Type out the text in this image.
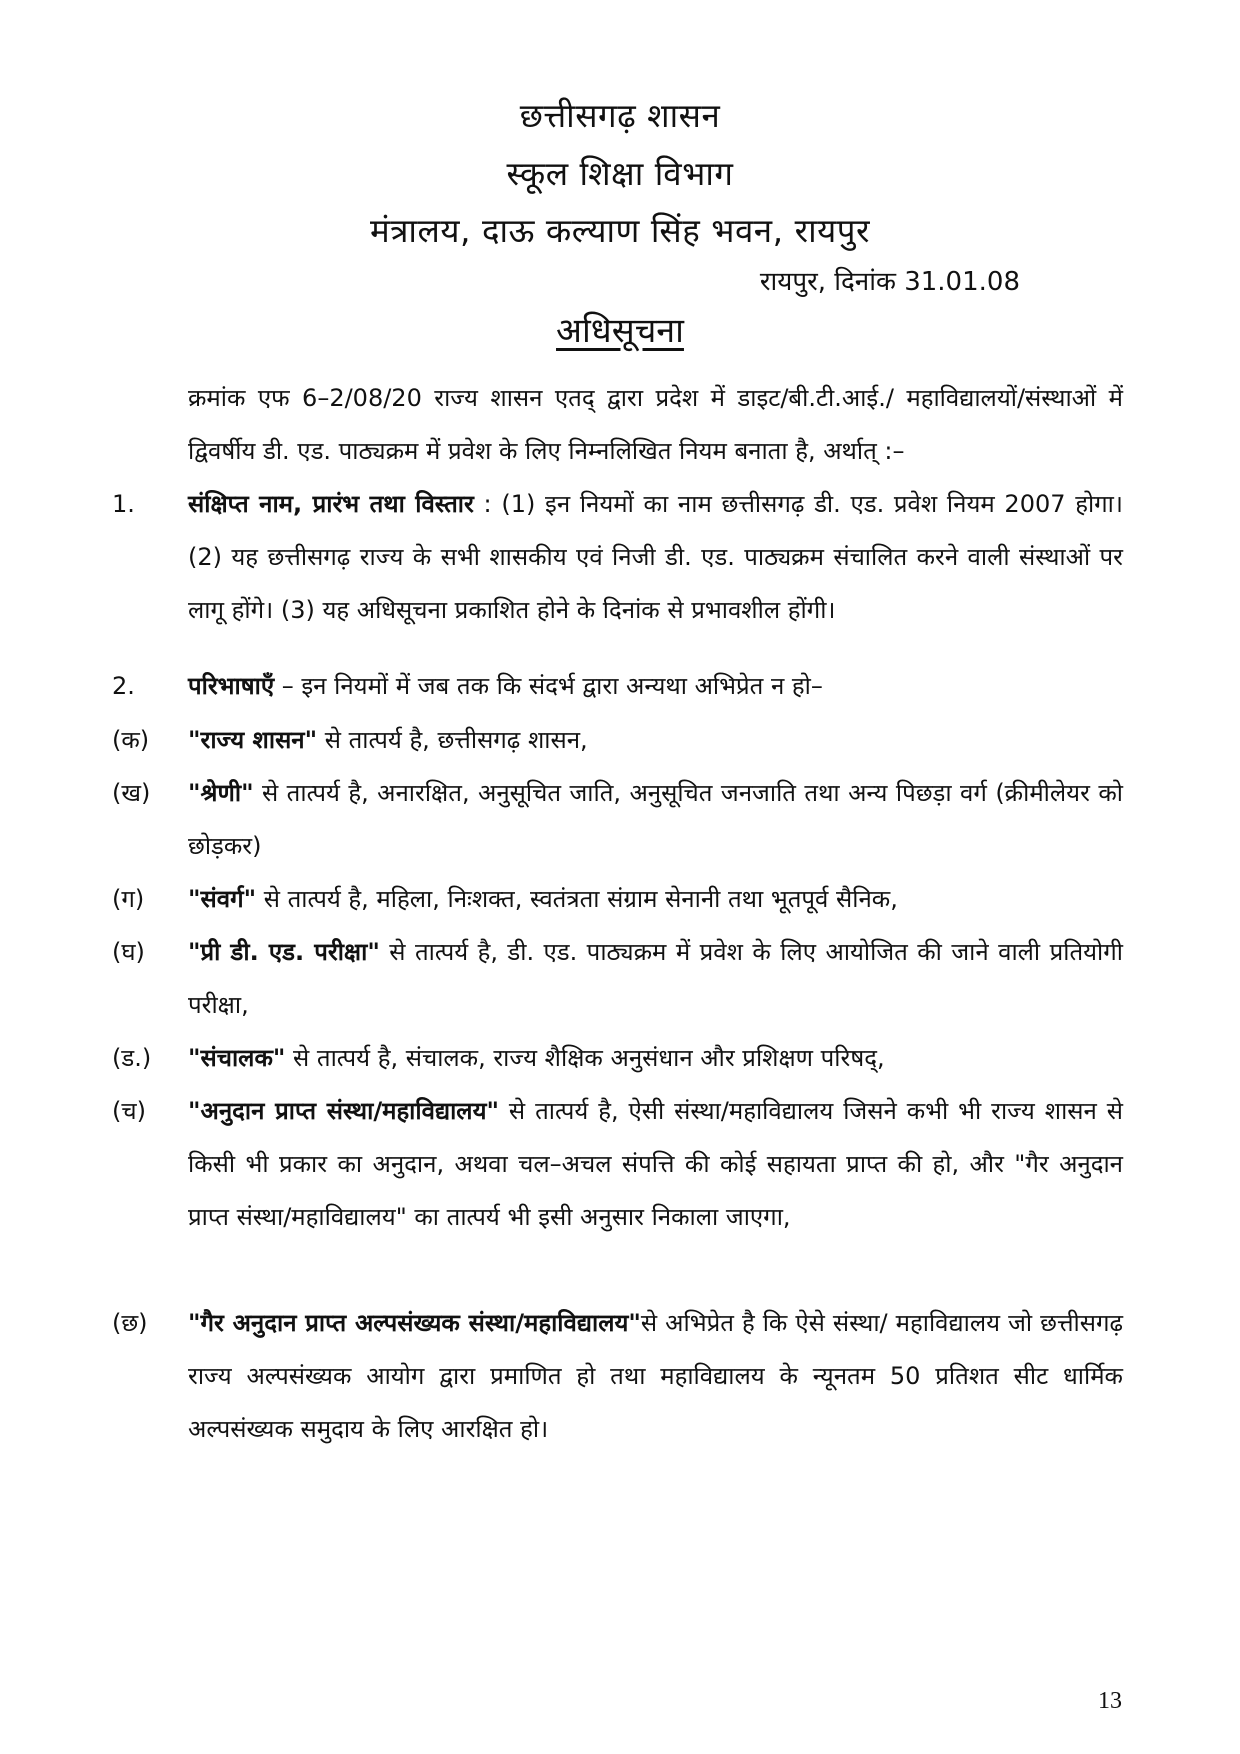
छत्तीसगढ़ शासन
स्कूल शिक्षा विभाग
मंत्रालय, दाऊ कल्याण सिंह भवन, रायपुर
रायपुर, दिनांक 31.01.08
अधिसूचना
क्रमांक एफ 6–2/08/20 राज्य शासन एतद् द्वारा प्रदेश में डाइट/बी.टी.आई./ महाविद्यालयों/संस्थाओं में द्विवर्षीय डी. एड. पाठ्यक्रम में प्रवेश के लिए निम्नलिखित नियम बनाता है, अर्थात् :–
1.	संक्षिप्त नाम, प्रारंभ तथा विस्तार : (1) इन नियमों का नाम छत्तीसगढ़ डी. एड. प्रवेश नियम 2007 होगा। (2) यह छत्तीसगढ़ राज्य के सभी शासकीय एवं निजी डी. एड. पाठ्यक्रम संचालित करने वाली संस्थाओं पर लागू होंगे। (3) यह अधिसूचना प्रकाशित होने के दिनांक से प्रभावशील होंगी।
2.	परिभाषाएँ – इन नियमों में जब तक कि संदर्भ द्वारा अन्यथा अभिप्रेत न हो–
(क)	"राज्य शासन" से तात्पर्य है, छत्तीसगढ़ शासन,
(ख)	"श्रेणी" से तात्पर्य है, अनारक्षित, अनुसूचित जाति, अनुसूचित जनजाति तथा अन्य पिछड़ा वर्ग (क्रीमीलेयर को छोड़कर)
(ग)	"संवर्ग" से तात्पर्य है, महिला, निःशक्त, स्वतंत्रता संग्राम सेनानी तथा भूतपूर्व सैनिक,
(घ)	"प्री डी. एड. परीक्षा" से तात्पर्य है, डी. एड. पाठ्यक्रम में प्रवेश के लिए आयोजित की जाने वाली प्रतियोगी परीक्षा,
(ड.)	"संचालक" से तात्पर्य है, संचालक, राज्य शैक्षिक अनुसंधान और प्रशिक्षण परिषद्,
(च)	"अनुदान प्राप्त संस्था/महाविद्यालय" से तात्पर्य है, ऐसी संस्था/महाविद्यालय जिसने कभी भी राज्य शासन से किसी भी प्रकार का अनुदान, अथवा चल–अचल संपत्ति की कोई सहायता प्राप्त की हो, और "गैर अनुदान प्राप्त संस्था/महाविद्यालय" का तात्पर्य भी इसी अनुसार निकाला जाएगा,
(छ)	"गैर अनुदान प्राप्त अल्पसंख्यक संस्था/महाविद्यालय"से अभिप्रेत है कि ऐसे संस्था/ महाविद्यालय जो छत्तीसगढ़ राज्य अल्पसंख्यक आयोग द्वारा प्रमाणित हो तथा महाविद्यालय के न्यूनतम 50 प्रतिशत सीट धार्मिक अल्पसंख्यक समुदाय के लिए आरक्षित हो।
13
